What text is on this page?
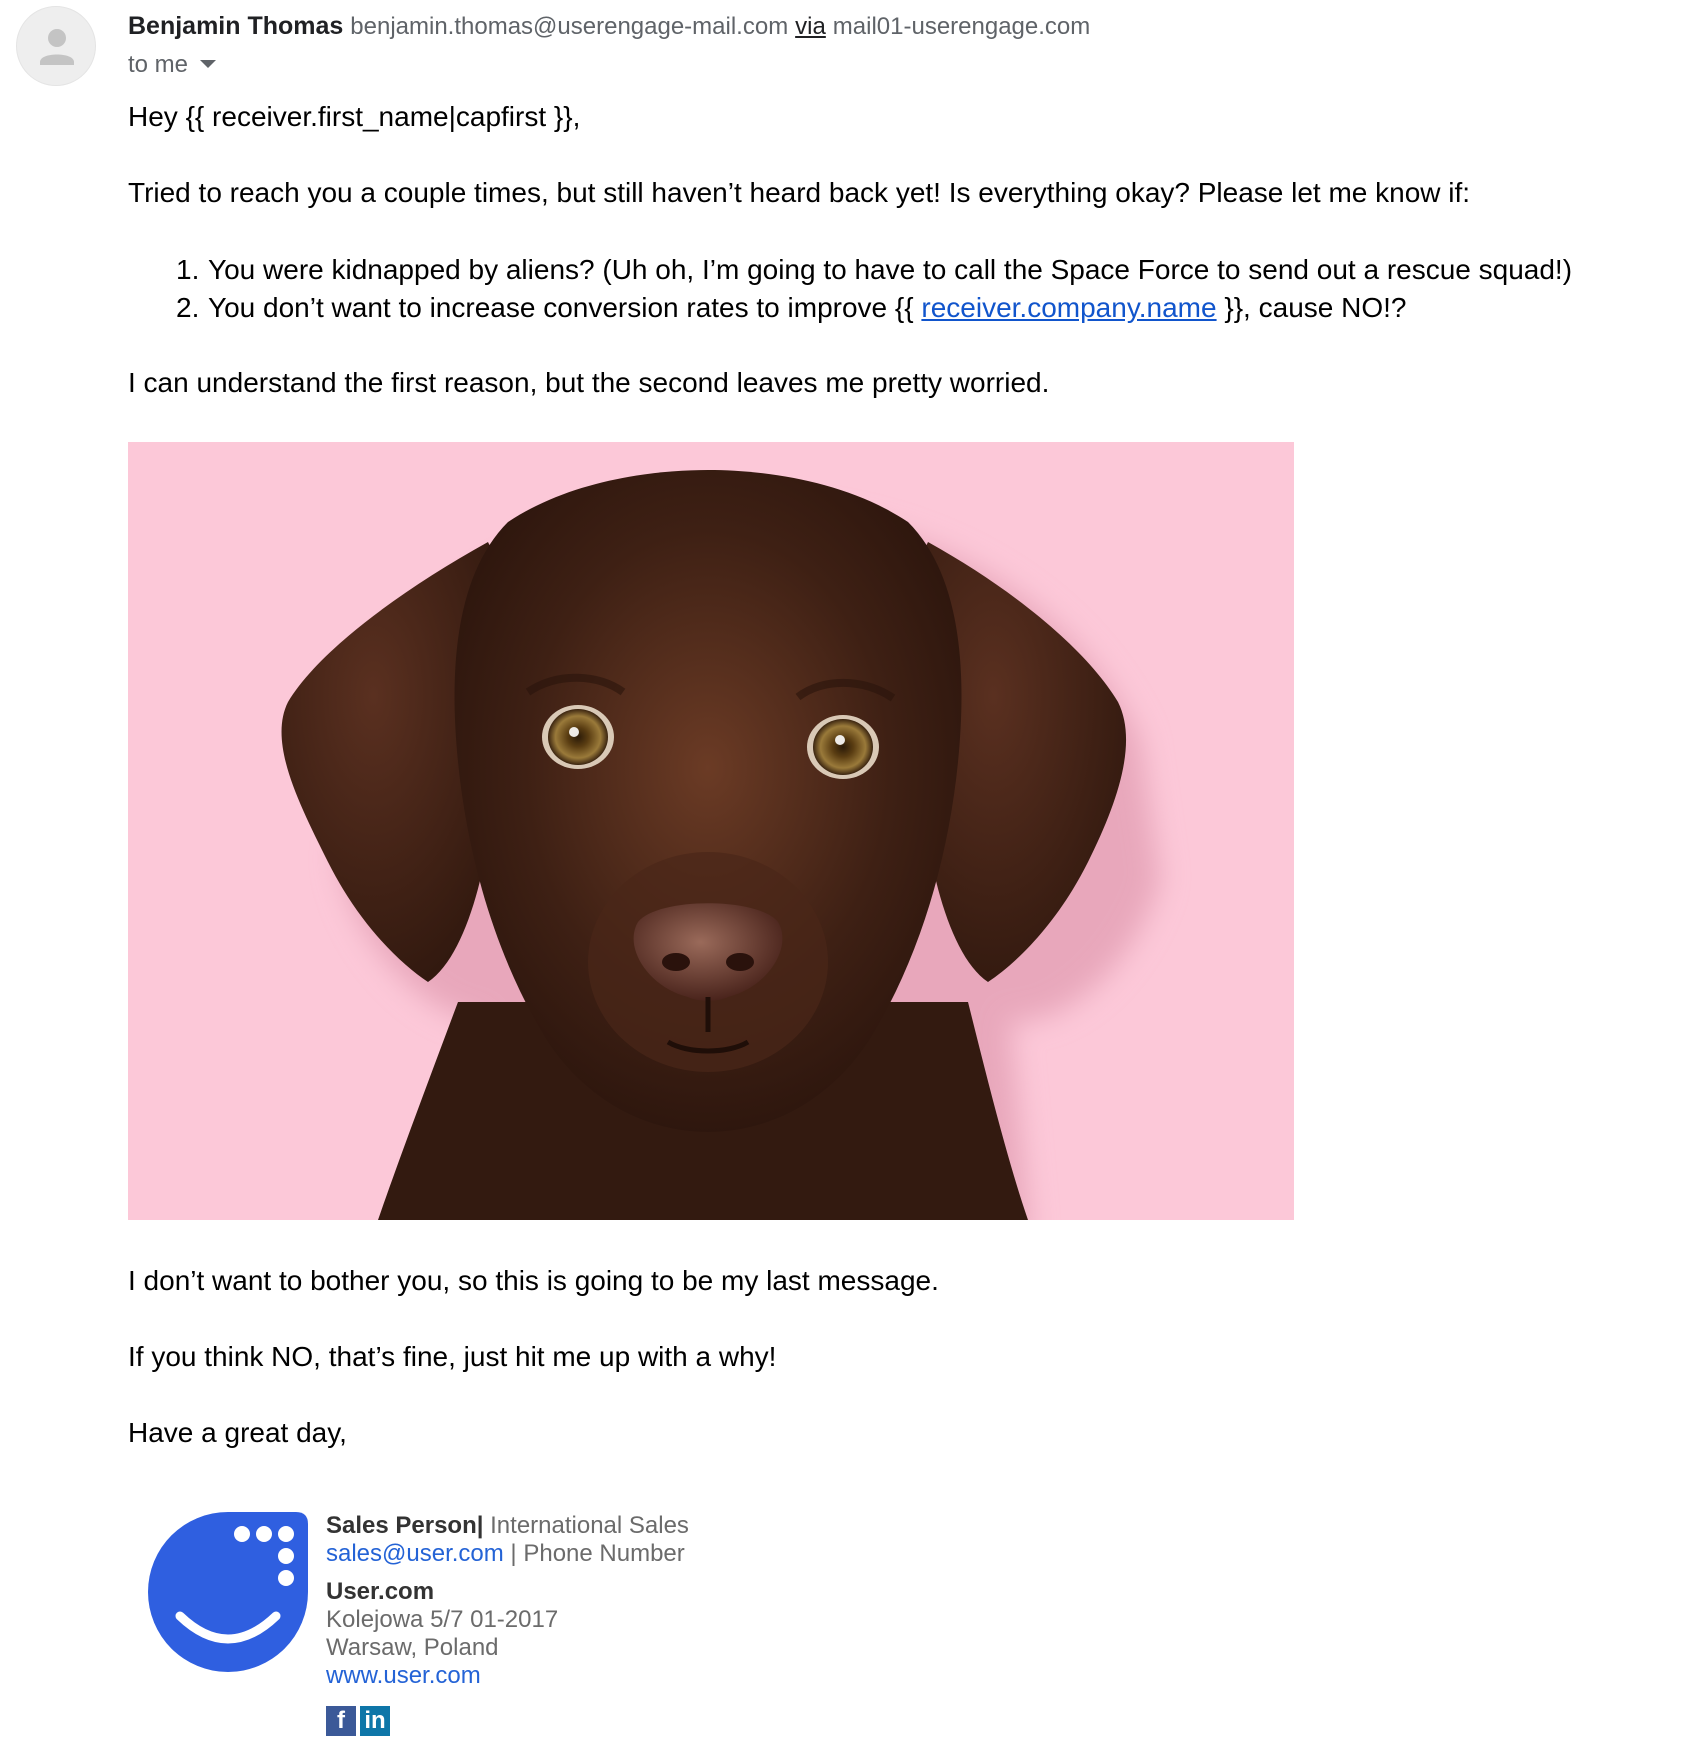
Benjamin Thomas benjamin.thomas@userengage-mail.com via mail01-userengage.com
to me
Hey {{ receiver.first_name|capfirst }},
Tried to reach you a couple times, but still haven’t heard back yet! Is everything okay? Please let me know if:
1. You were kidnapped by aliens? (Uh oh, I’m going to have to call the Space Force to send out a rescue squad!)
2. You don’t want to increase conversion rates to improve {{ receiver.company.name }}, cause NO!?
I can understand the first reason, but the second leaves me pretty worried.
I don’t want to bother you, so this is going to be my last message.
If you think NO, that’s fine, just hit me up with a why!
Have a great day,
Sales Person| International Sales
sales@user.com | Phone Number
User.com
Kolejowa 5/7 01-2017
Warsaw, Poland
www.user.com
f in
